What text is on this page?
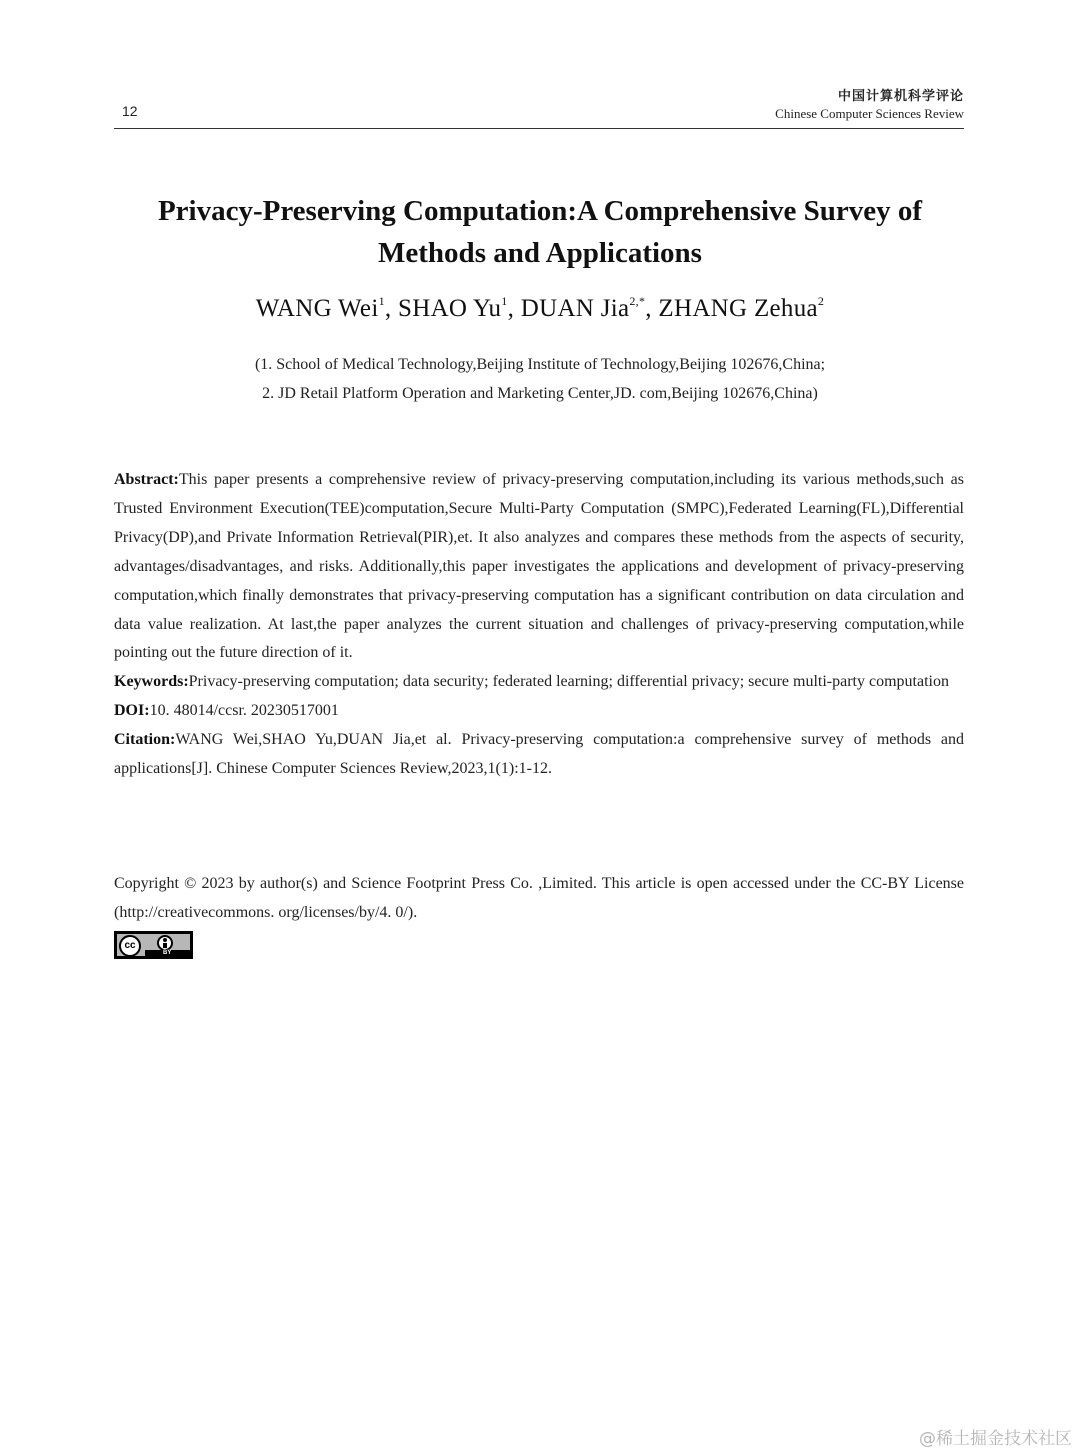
12
中国计算机科学评论
Chinese Computer Sciences Review
Privacy-Preserving Computation:A Comprehensive Survey of
Methods and Applications
WANG Wei$^1$, SHAO Yu$^1$, DUAN Jia$^{2,*}$, ZHANG Zehua$^2$
(1. School of Medical Technology,Beijing Institute of Technology,Beijing 102676,China;
2. JD Retail Platform Operation and Marketing Center,JD. com,Beijing 102676,China)

Abstract:This paper presents a comprehensive review of privacy-preserving computation,including its various methods,such as Trusted Environment Execution(TEE)computation,Secure Multi-Party Computation (SMPC),Federated Learning(FL),Differential Privacy(DP),and Private Information Retrieval(PIR),et. It also analyzes and compares these methods from the aspects of security, advantages/disadvantages, and risks. Additionally,this paper investigates the applications and development of privacy-preserving computation,which finally demonstrates that privacy-preserving computation has a significant contribution on data circulation and data value realization. At last,the paper analyzes the current situation and challenges of privacy-preserving computation,while pointing out the future direction of it.

Keywords:Privacy-preserving computation; data security; federated learning; differential privacy; secure multi-party computation

DOI:10. 48014/ccsr. 20230517001

Citation:WANG Wei,SHAO Yu,DUAN Jia,et al. Privacy-preserving computation:a comprehensive survey of methods and applications[J]. Chinese Computer Sciences Review,2023,1(1):1-12.

Copyright © 2023 by author(s) and Science Footprint Press Co. ,Limited. This article is open accessed under the CC-BY License (http://creativecommons. org/licenses/by/4. 0/).
cc
BY
@稀土掘金技术社区
